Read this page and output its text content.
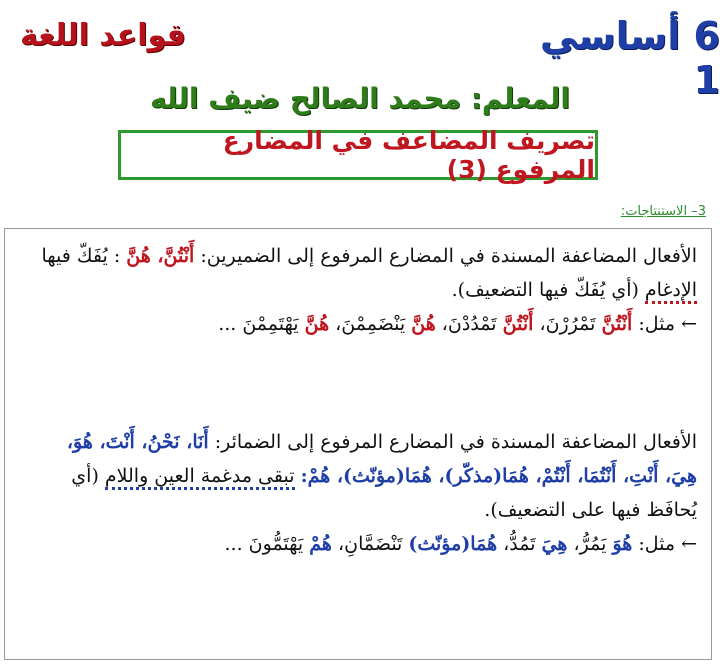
قواعد اللغة	6 أساسي 1
المعلم: محمد الصالح ضيف الله
تصريف المضاعف في المضارع المرفوع (3)
3– الاستنتاجات:
الأفعال المضاعفة المسندة في المضارع المرفوع إلى الضميرين: أَنْتُنَّ، هُنَّ : يُفَكّ فيها
الإدغام (أي يُفَكّ فيها التضعيف).
← مثل: أَنْتُنَّ تَمْرُرْنَ، أَنْتُنَّ تَمْدُدْنَ، هُنَّ يَنْضَمِمْنَ، هُنَّ يَهْتَمِمْنَ ...
الأفعال المضاعفة المسندة في المضارع المرفوع إلى الضمائر: أَنَا، نَحْنُ، أَنْتَ، هُوَ،
هِيَ، أَنْتِ، أَنْتُمَا، أَنْتُمْ، هُمَا(مذكّر)، هُمَا(مؤنّث)، هُمْ: تبقى مدغمة العين واللام (أي
يُحافَظ فيها على التضعيف).
← مثل: هُوَ يَمُرُّ، هِيَ تَمُدُّ، هُمَا(مؤنّث) تَنْضَمَّانِ، هُمْ يَهْتَمُّونَ ...
